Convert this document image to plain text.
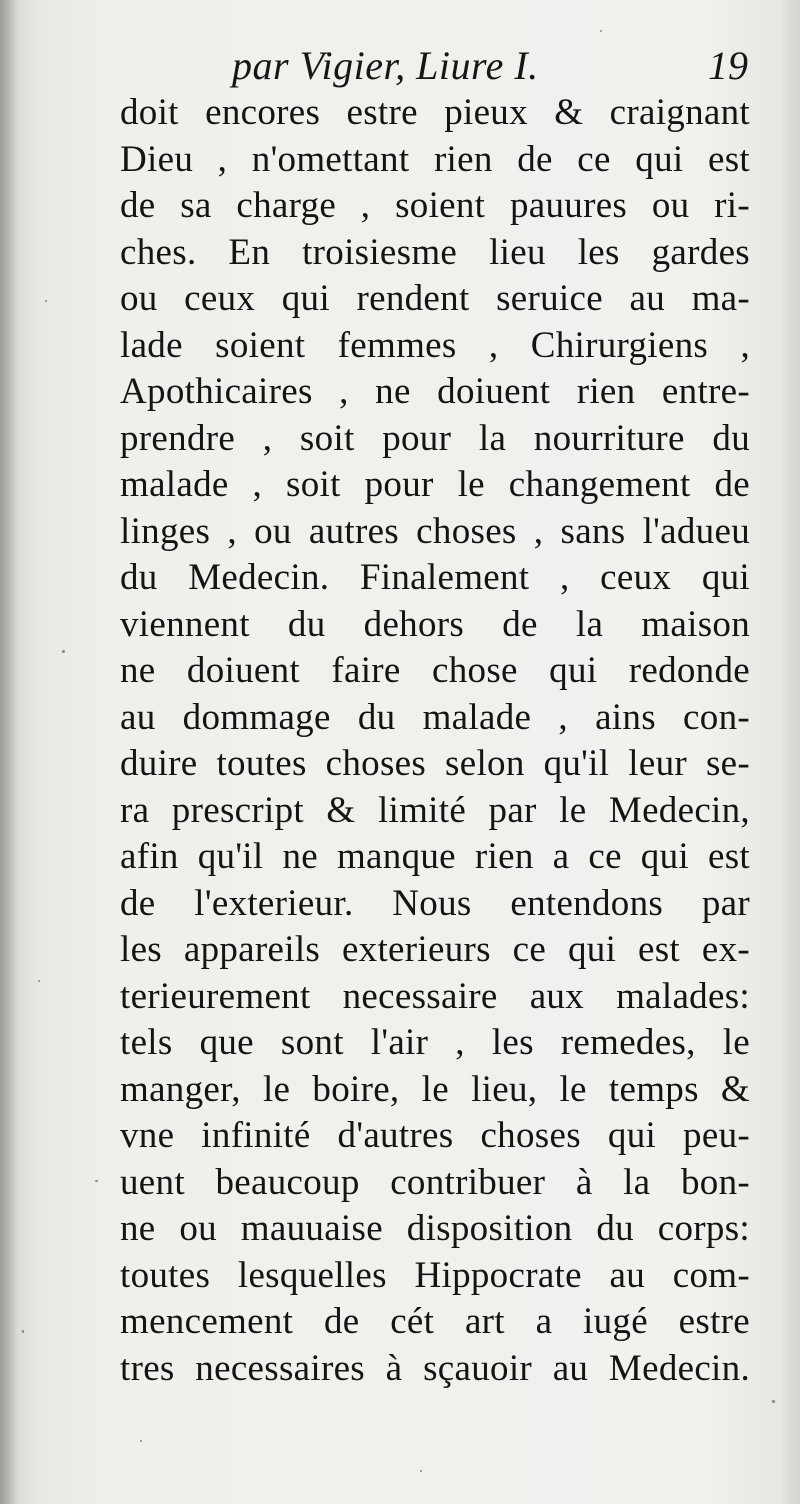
par Vigier, Liure I.	19
doit encores estre pieux & craignant
Dieu , n'omettant rien de ce qui est
de sa charge , soient pauures ou ri-
ches. En troisiesme lieu les gardes
ou ceux qui rendent seruice au ma-
lade soient femmes , Chirurgiens ,
Apothicaires , ne doiuent rien entre-
prendre , soit pour la nourriture du
malade , soit pour le changement de
linges , ou autres choses , sans l'adueu
du Medecin. Finalement , ceux qui
viennent du dehors de la maison
ne doiuent faire chose qui redonde
au dommage du malade , ains con-
duire toutes choses selon qu'il leur se-
ra prescript & limité par le Medecin,
afin qu'il ne manque rien a ce qui est
de l'exterieur. Nous entendons par
les appareils exterieurs ce qui est ex-
terieurement necessaire aux malades:
tels que sont l'air , les remedes, le
manger, le boire, le lieu, le temps &
vne infinité d'autres choses qui peu-
uent beaucoup contribuer à la bon-
ne ou mauuaise disposition du corps:
toutes lesquelles Hippocrate au com-
mencement de cét art a iugé estre
tres necessaires à sçauoir au Medecin.
